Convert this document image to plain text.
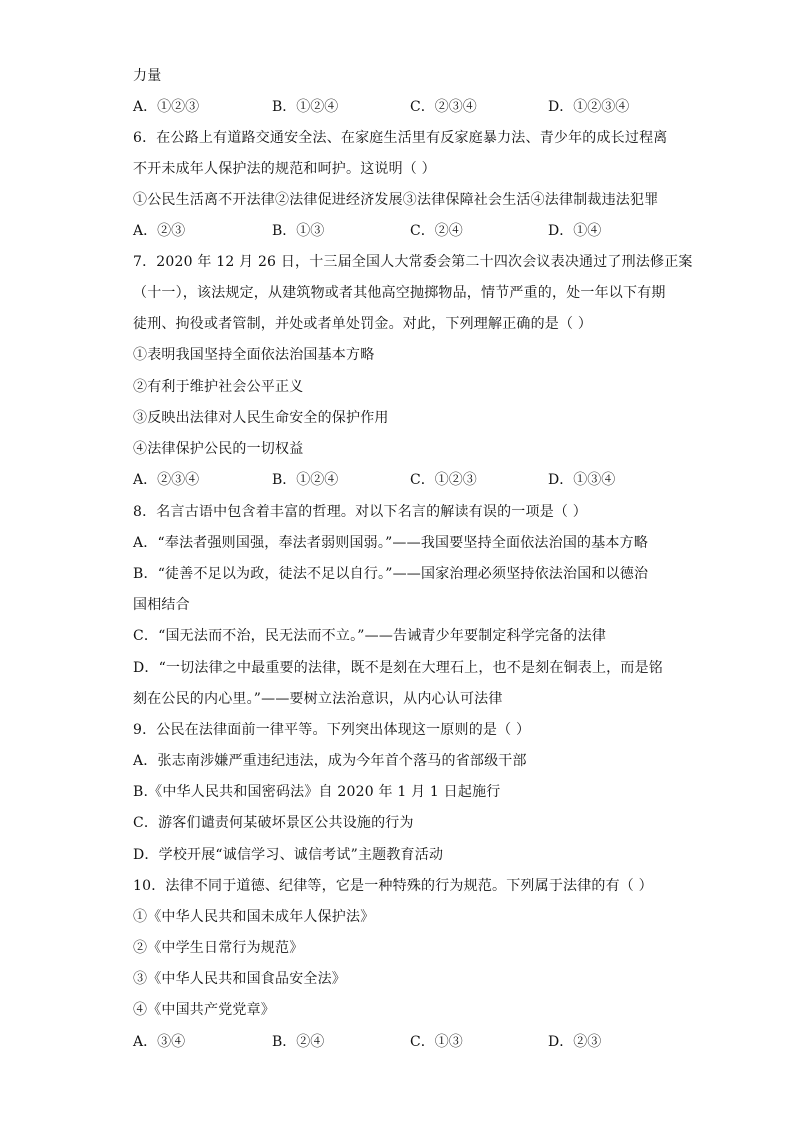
力量
A．①②③	B．①②④	C．②③④	D．①②③④
6．在公路上有道路交通安全法、在家庭生活里有反家庭暴力法、青少年的成长过程离
不开未成年人保护法的规范和呵护。这说明（ ）
①公民生活离不开法律②法律促进经济发展③法律保障社会生活④法律制裁违法犯罪
A．②③	B．①③	C．②④	D．①④
7．2020 年 12 月 26 日，十三届全国人大常委会第二十四次会议表决通过了刑法修正案
（十一），该法规定，从建筑物或者其他高空抛掷物品，情节严重的，处一年以下有期
徒刑、拘役或者管制，并处或者单处罚金。对此，下列理解正确的是（ ）
①表明我国坚持全面依法治国基本方略
②有利于维护社会公平正义
③反映出法律对人民生命安全的保护作用
④法律保护公民的一切权益
A．②③④	B．①②④	C．①②③	D．①③④
8．名言古语中包含着丰富的哲理。对以下名言的解读有误的一项是（ ）
A．“奉法者强则国强，奉法者弱则国弱。”——我国要坚持全面依法治国的基本方略
B．“徒善不足以为政，徒法不足以自行。”——国家治理必须坚持依法治国和以德治
国相结合
C．“国无法而不治，民无法而不立。”——告诫青少年要制定科学完备的法律
D．“一切法律之中最重要的法律，既不是刻在大理石上，也不是刻在铜表上，而是铭
刻在公民的内心里。”——要树立法治意识，从内心认可法律
9．公民在法律面前一律平等。下列突出体现这一原则的是（ ）
A．张志南涉嫌严重违纪违法，成为今年首个落马的省部级干部
B.《中华人民共和国密码法》自 2020 年 1 月 1 日起施行
C．游客们谴责何某破坏景区公共设施的行为
D．学校开展“诚信学习、诚信考试”主题教育活动
10．法律不同于道德、纪律等，它是一种特殊的行为规范。下列属于法律的有（ ）
①《中华人民共和国未成年人保护法》
②《中学生日常行为规范》
③《中华人民共和国食品安全法》
④《中国共产党党章》
A．③④	B．②④	C．①③	D．②③
